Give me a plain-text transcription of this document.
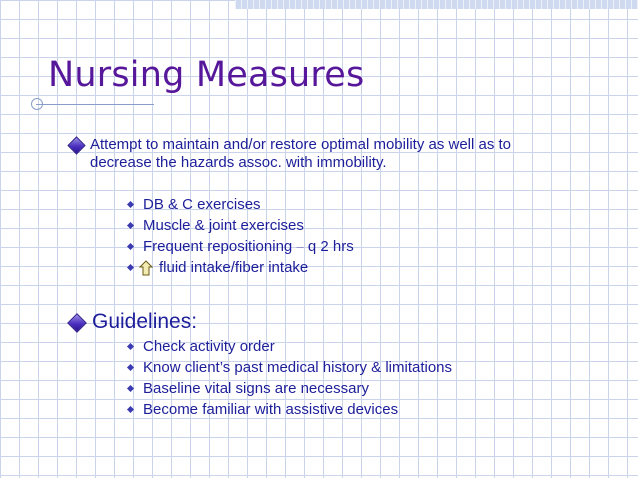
Nursing Measures
Attempt to maintain and/or restore optimal mobility as well as to decrease the hazards assoc. with immobility.
DB & C exercises
Muscle & joint exercises
Frequent repositioning – q 2 hrs
fluid intake/fiber intake
Guidelines:
Check activity order
Know client’s past medical history & limitations
Baseline vital signs are necessary
Become familiar with assistive devices
